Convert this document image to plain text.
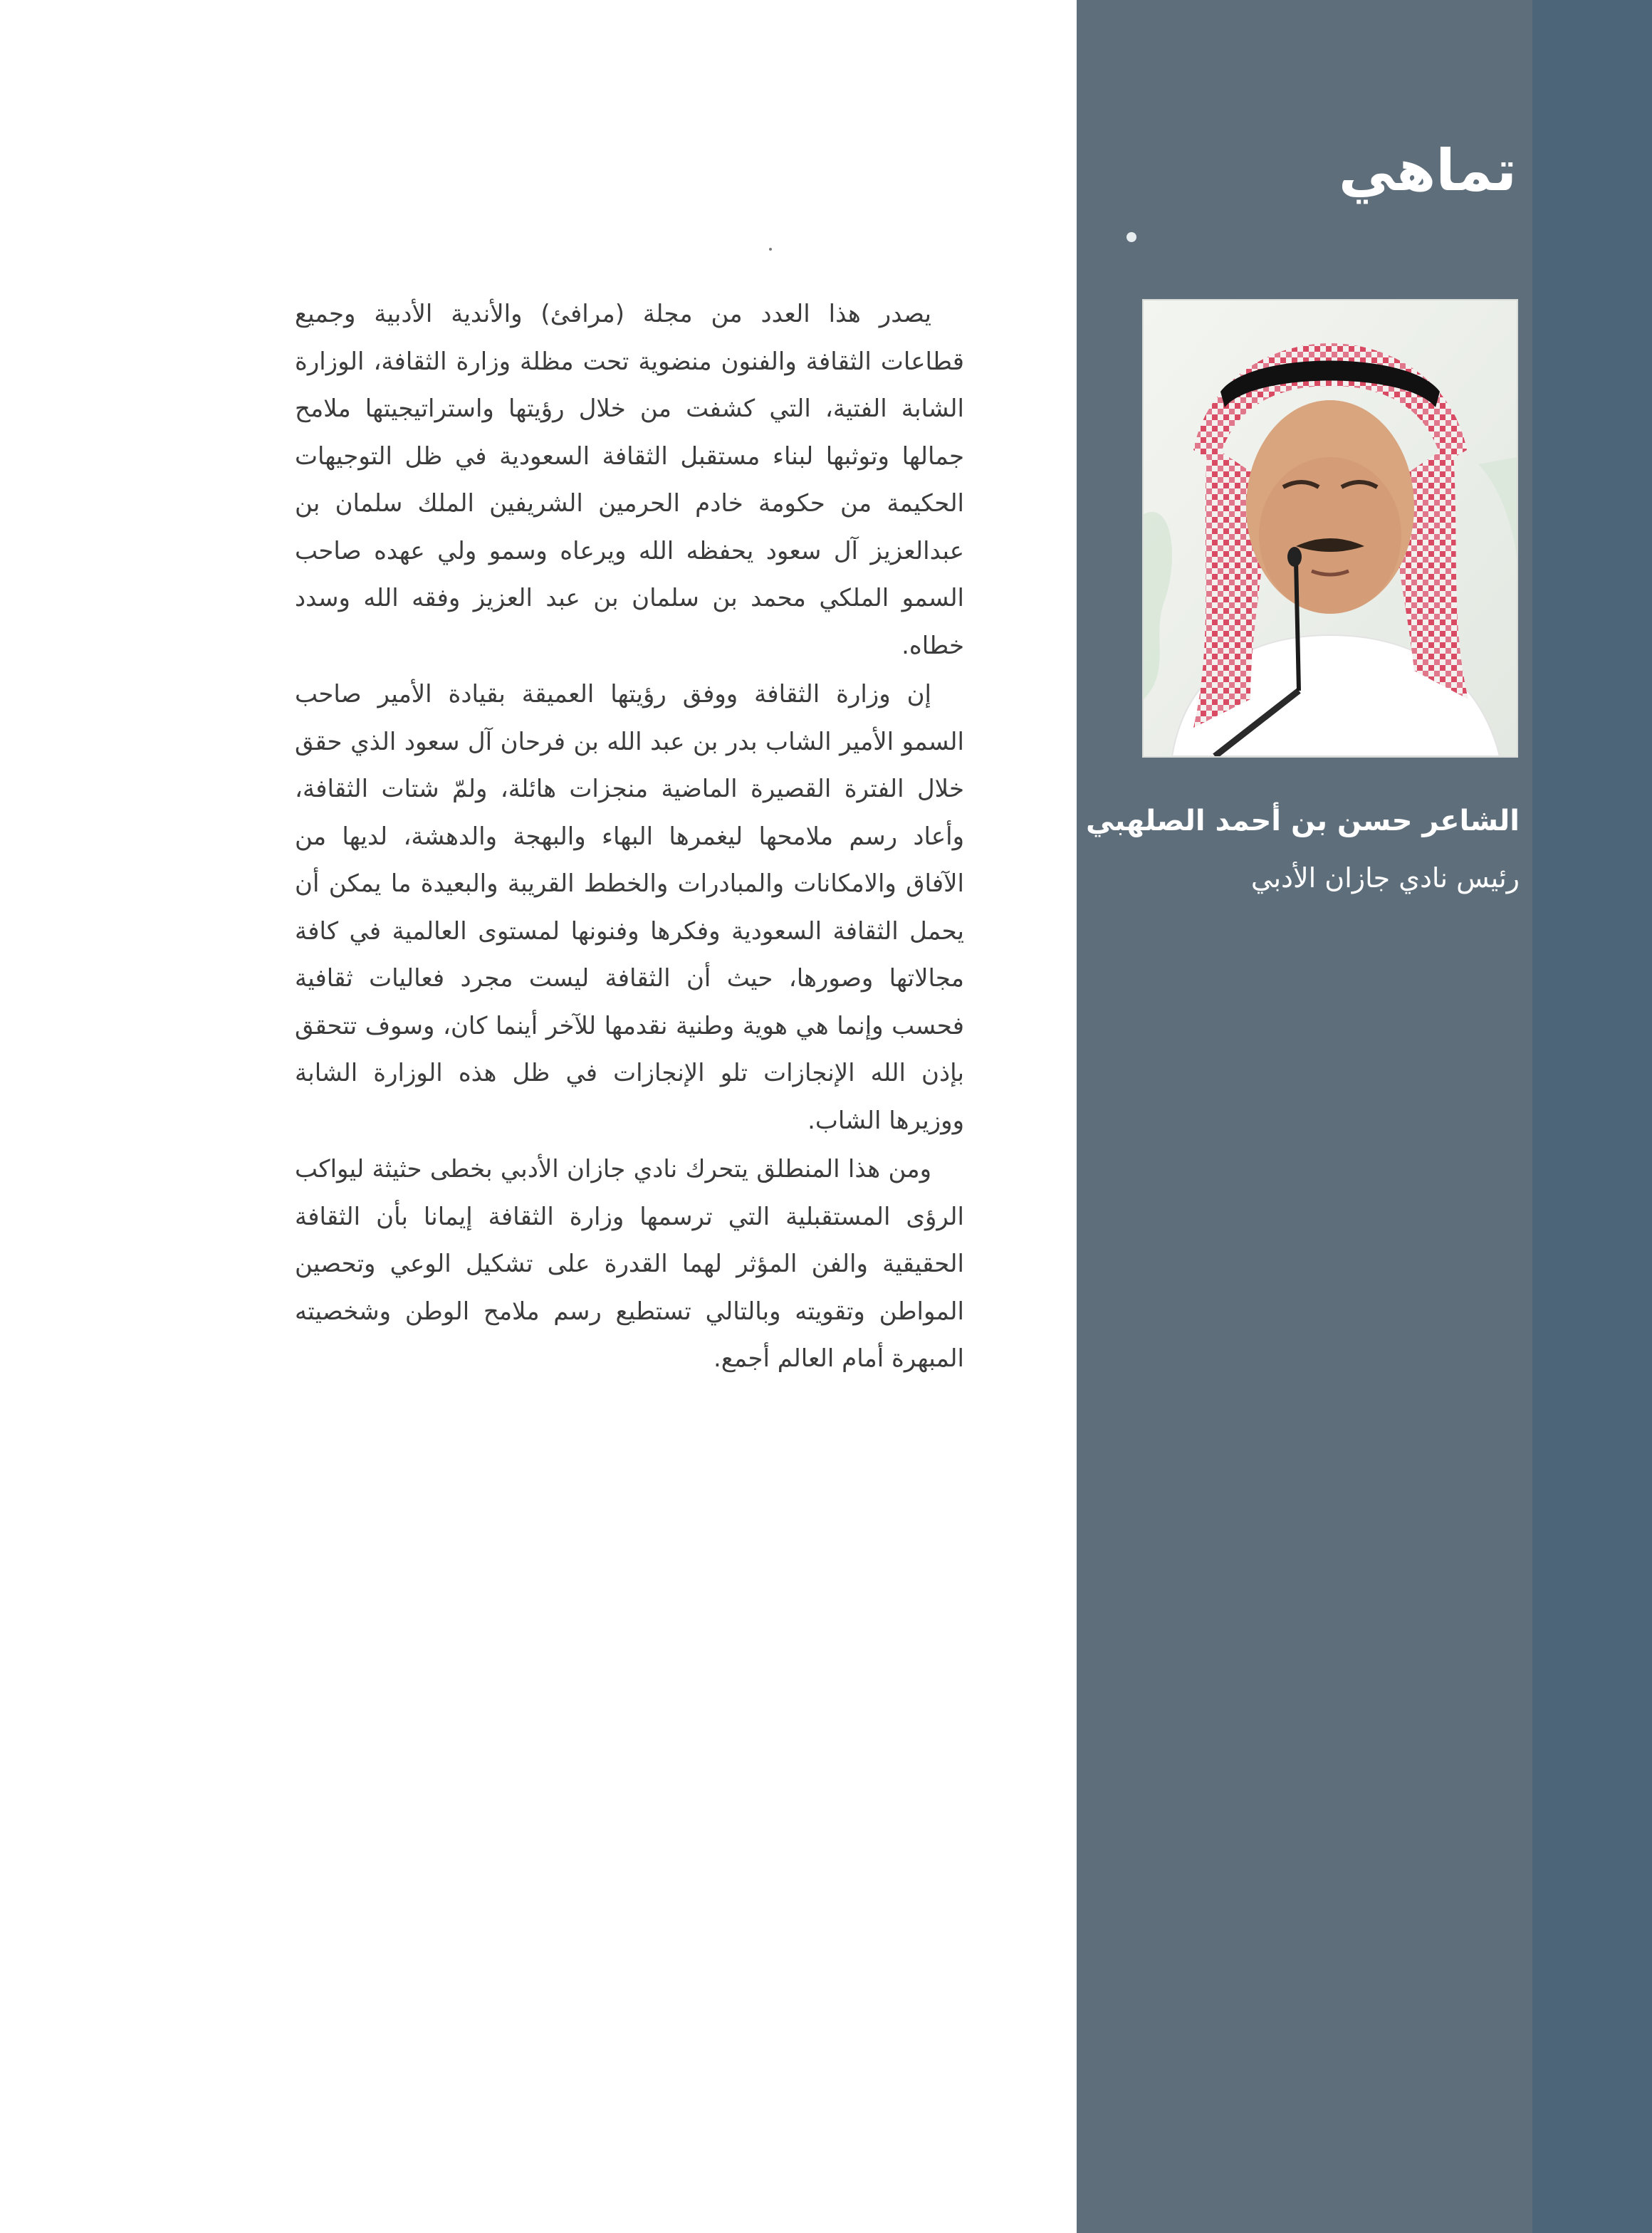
تماهي

الشاعر حسن بن أحمد الصلهبي

رئيس نادي جازان الأدبي

يصدر هذا العدد من مجلة (مرافئ) والأندية الأدبية وجميع قطاعات الثقافة والفنون منضوية تحت مظلة وزارة الثقافة، الوزارة الشابة الفتية، التي كشفت من خلال رؤيتها واستراتيجيتها ملامح جمالها وتوثبها لبناء مستقبل الثقافة السعودية في ظل التوجيهات الحكيمة من حكومة خادم الحرمين الشريفين الملك سلمان بن عبدالعزيز آل سعود يحفظه الله ويرعاه وسمو ولي عهده صاحب السمو الملكي محمد بن سلمان بن عبد العزيز وفقه الله وسدد خطاه.

إن وزارة الثقافة ووفق رؤيتها العميقة بقيادة الأمير صاحب السمو الأمير الشاب بدر بن عبد الله بن فرحان آل سعود الذي حقق خلال الفترة القصيرة الماضية منجزات هائلة، ولمّ شتات الثقافة، وأعاد رسم ملامحها ليغمرها البهاء والبهجة والدهشة، لديها من الآفاق والامكانات والمبادرات والخطط القريبة والبعيدة ما يمكن أن يحمل الثقافة السعودية وفكرها وفنونها لمستوى العالمية في كافة مجالاتها وصورها، حيث أن الثقافة ليست مجرد فعاليات ثقافية فحسب وإنما هي هوية وطنية نقدمها للآخر أينما كان، وسوف تتحقق بإذن الله الإنجازات تلو الإنجازات في ظل هذه الوزارة الشابة ووزيرها الشاب.

ومن هذا المنطلق يتحرك نادي جازان الأدبي بخطى حثيثة ليواكب الرؤى المستقبلية التي ترسمها وزارة الثقافة إيمانا بأن الثقافة الحقيقية والفن المؤثر لهما القدرة على تشكيل الوعي وتحصين المواطن وتقويته وبالتالي تستطيع رسم ملامح الوطن وشخصيته المبهرة أمام العالم أجمع.
